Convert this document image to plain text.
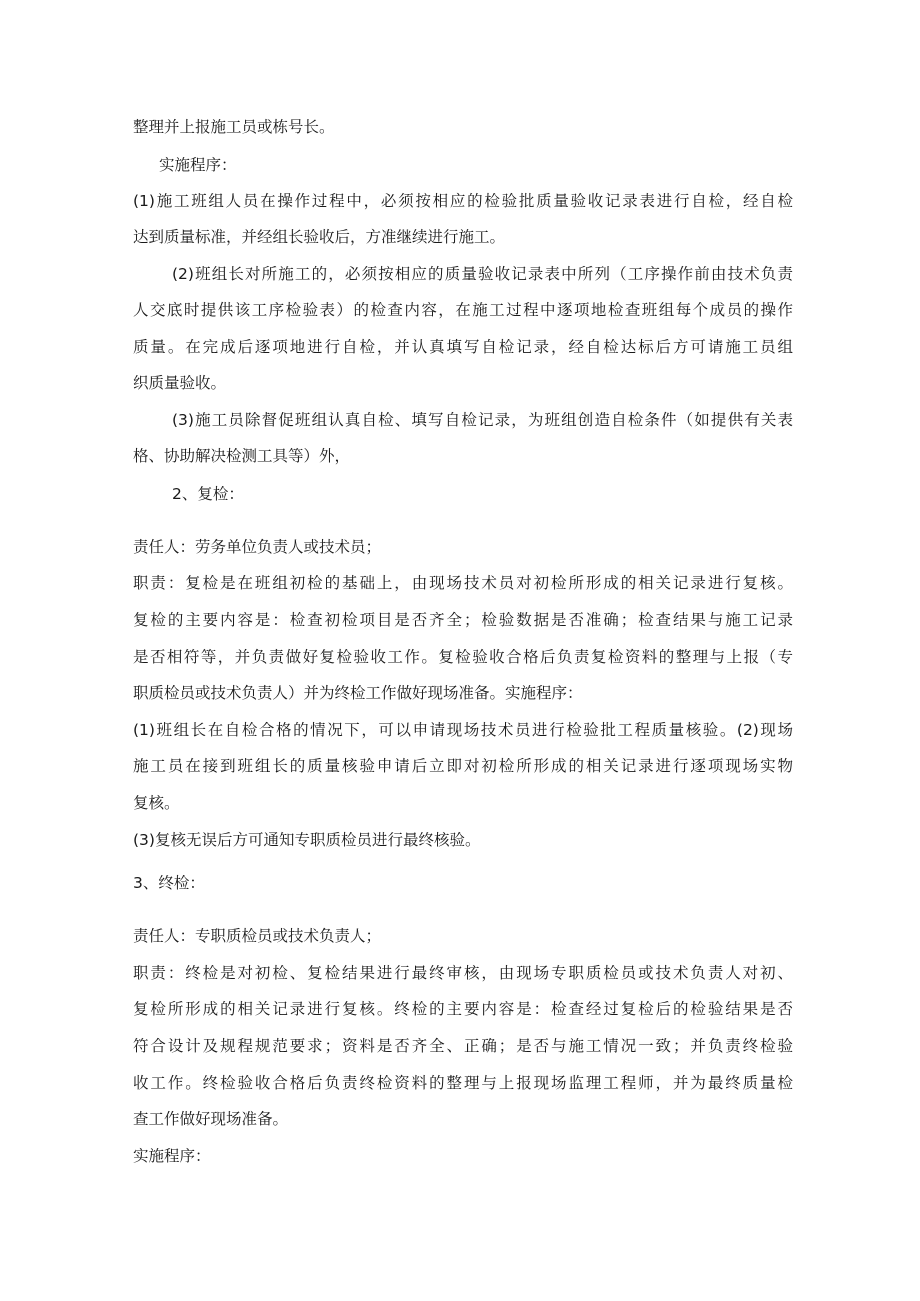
整理并上报施工员或栋号长。
实施程序：
(1)施工班组人员在操作过程中，必须按相应的检验批质量验收记录表进行自检，经自检
达到质量标准，并经组长验收后，方准继续进行施工。
(2)班组长对所施工的，必须按相应的质量验收记录表中所列（工序操作前由技术负责
人交底时提供该工序检验表）的检查内容，在施工过程中逐项地检查班组每个成员的操作
质量。在完成后逐项地进行自检，并认真填写自检记录，经自检达标后方可请施工员组
织质量验收。
(3)施工员除督促班组认真自检、填写自检记录，为班组创造自检条件（如提供有关表
格、协助解决检测工具等）外，
2、复检：
责任人：劳务单位负责人或技术员；
职责：复检是在班组初检的基础上，由现场技术员对初检所形成的相关记录进行复核。
复检的主要内容是：检查初检项目是否齐全；检验数据是否准确；检查结果与施工记录
是否相符等，并负责做好复检验收工作。复检验收合格后负责复检资料的整理与上报（专
职质检员或技术负责人）并为终检工作做好现场准备。实施程序：
(1)班组长在自检合格的情况下，可以申请现场技术员进行检验批工程质量核验。(2)现场
施工员在接到班组长的质量核验申请后立即对初检所形成的相关记录进行逐项现场实物
复核。
(3)复核无误后方可通知专职质检员进行最终核验。
3、终检：
责任人：专职质检员或技术负责人；
职责：终检是对初检、复检结果进行最终审核，由现场专职质检员或技术负责人对初、
复检所形成的相关记录进行复核。终检的主要内容是：检查经过复检后的检验结果是否
符合设计及规程规范要求；资料是否齐全、正确；是否与施工情况一致；并负责终检验
收工作。终检验收合格后负责终检资料的整理与上报现场监理工程师，并为最终质量检
查工作做好现场准备。
实施程序：
